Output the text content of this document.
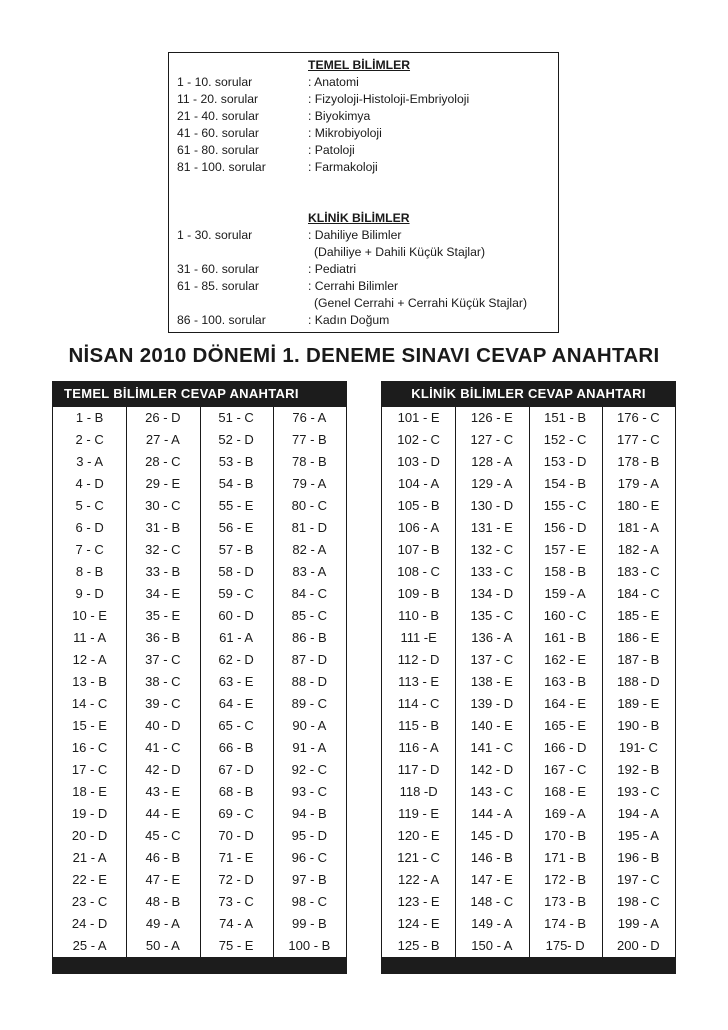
TEMEL BİLİMLER
1 - 10. sorular	: Anatomi
11 - 20. sorular	: Fizyoloji-Histoloji-Embriyoloji
21 - 40. sorular	: Biyokimya
41 - 60. sorular	: Mikrobiyoloji
61 - 80. sorular	: Patoloji
81 - 100. sorular	: Farmakoloji
KLİNİK BİLİMLER
1 - 30. sorular	: Dahiliye Bilimler
(Dahiliye + Dahili Küçük Stajlar)
31 - 60. sorular	: Pediatri
61 - 85. sorular	: Cerrahi Bilimler
(Genel Cerrahi + Cerrahi Küçük Stajlar)
86 - 100. sorular	: Kadın Doğum
NİSAN 2010 DÖNEMİ 1. DENEME SINAVI CEVAP ANAHTARI
TEMEL BİLİMLER CEVAP ANAHTARI
1 - B	26 - D	51 - C	76 - A
2 - C	27 - A	52 - D	77 - B
3 - A	28 - C	53 - B	78 - B
4 - D	29 - E	54 - B	79 - A
5 - C	30 - C	55 - E	80 - C
6 - D	31 - B	56 - E	81 - D
7 - C	32 - C	57 - B	82 - A
8 - B	33 - B	58 - D	83 - A
9 - D	34 - E	59 - C	84 - C
10 - E	35 - E	60 - D	85 - C
11 - A	36 - B	61 - A	86 - B
12 - A	37 - C	62 - D	87 - D
13 - B	38 - C	63 - E	88 - D
14 - C	39 - C	64 - E	89 - C
15 - E	40 - D	65 - C	90 - A
16 - C	41 - C	66 - B	91 - A
17 - C	42 - D	67 - D	92 - C
18 - E	43 - E	68 - B	93 - C
19 - D	44 - E	69 - C	94 - B
20 - D	45 - C	70 - D	95 - D
21 - A	46 - B	71 - E	96 - C
22 - E	47 - E	72 - D	97 - B
23 - C	48 - B	73 - C	98 - C
24 - D	49 - A	74 - A	99 - B
25 - A	50 - A	75 - E	100 - B
KLİNİK BİLİMLER CEVAP ANAHTARI
101 - E	126 - E	151 - B	176 - C
102 - C	127 - C	152 - C	177 - C
103 - D	128 - A	153 - D	178 - B
104 - A	129 - A	154 - B	179 - A
105 - B	130 - D	155 - C	180 - E
106 - A	131 - E	156 - D	181 - A
107 - B	132 - C	157 - E	182 - A
108 - C	133 - C	158 - B	183 - C
109 - B	134 - D	159 - A	184 - C
110 - B	135 - C	160 - C	185 - E
111 -E	136 - A	161 - B	186 - E
112 - D	137 - C	162 - E	187 - B
113 - E	138 - E	163 - B	188 - D
114 - C	139 - D	164 - E	189 - E
115 - B	140 - E	165 - E	190 - B
116 - A	141 - C	166 - D	191- C
117 - D	142 - D	167 - C	192 - B
118 -D	143 - C	168 - E	193 - C
119 - E	144 - A	169 - A	194 - A
120 - E	145 - D	170 - B	195 - A
121 - C	146 - B	171 - B	196 - B
122 - A	147 - E	172 - B	197 - C
123 - E	148 - C	173 - B	198 - C
124 - E	149 - A	174 - B	199 - A
125 - B	150 - A	175- D	200 - D
